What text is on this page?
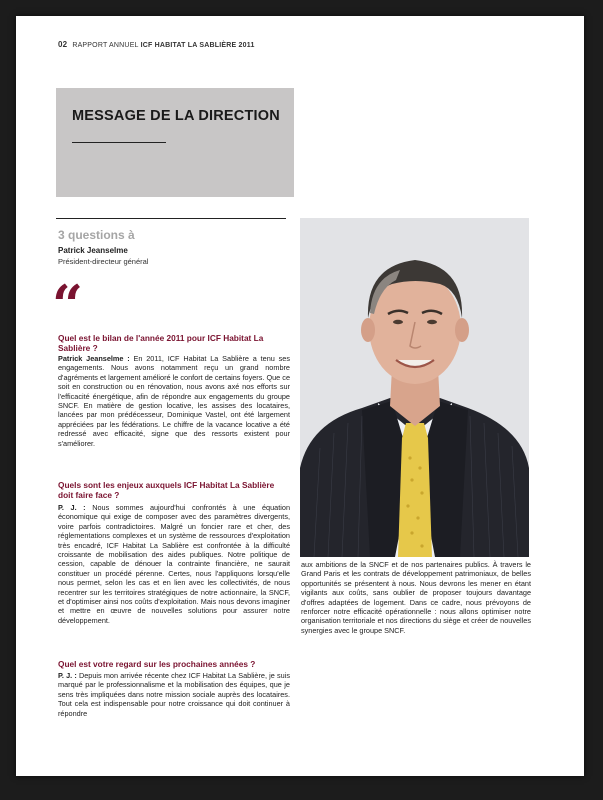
02 RAPPORT ANNUEL ICF HABITAT LA SABLIÈRE 2011
MESSAGE DE LA DIRECTION
3 questions à
Patrick Jeanselme
Président-directeur général
“
Quel est le bilan de l'année 2011 pour ICF Habitat La Sablière ?
Patrick Jeanselme : En 2011, ICF Habitat La Sablière a tenu ses engagements. Nous avons notamment reçu un grand nombre d'agréments et largement amélioré le confort de certains foyers. Que ce soit en construction ou en rénovation, nous avons axé nos efforts sur l'efficacité énergétique, afin de répondre aux engagements du groupe SNCF. En matière de gestion locative, les assises des locataires, lancées par mon prédécesseur, Dominique Vastel, ont été largement appréciées par les fédérations. Le chiffre de la vacance locative a été redressé avec efficacité, signe que des ressorts existent pour s'améliorer.
Quels sont les enjeux auxquels ICF Habitat La Sablière doit faire face ?
P. J. : Nous sommes aujourd'hui confrontés à une équation économique qui exige de composer avec des paramètres divergents, voire parfois contradictoires. Malgré un foncier rare et cher, des réglementations complexes et un système de ressources d'exploitation très encadré, ICF Habitat La Sablière est confrontée à la difficulté croissante de mobilisation des aides publiques. Notre politique de cession, capable de dénouer la contrainte financière, ne saurait constituer un procédé pérenne. Certes, nous l'appliquons lorsqu'elle nous permet, selon les cas et en lien avec les collectivités, de nous recentrer sur les territoires stratégiques de notre actionnaire, la SNCF, et d'optimiser ainsi nos coûts d'exploitation. Mais nous devons imaginer et mettre en œuvre de nouvelles solutions pour assurer notre développement.
Quel est votre regard sur les prochaines années ?
P. J. : Depuis mon arrivée récente chez ICF Habitat La Sablière, je suis marqué par le professionnalisme et la mobilisation des équipes, que je sens très impliquées dans notre mission sociale auprès des locataires. Tout cela est indispensable pour notre croissance qui doit continuer à répondre
aux ambitions de la SNCF et de nos partenaires publics. À travers le Grand Paris et les contrats de développement patrimoniaux, de belles opportunités se présentent à nous. Nous devrons les mener en étant vigilants aux coûts, sans oublier de proposer toujours davantage d'offres adaptées de logement. Dans ce cadre, nous prévoyons de renforcer notre efficacité opérationnelle : nous allons optimiser notre organisation territoriale et nos directions du siège et créer de nouvelles synergies avec le groupe SNCF.
